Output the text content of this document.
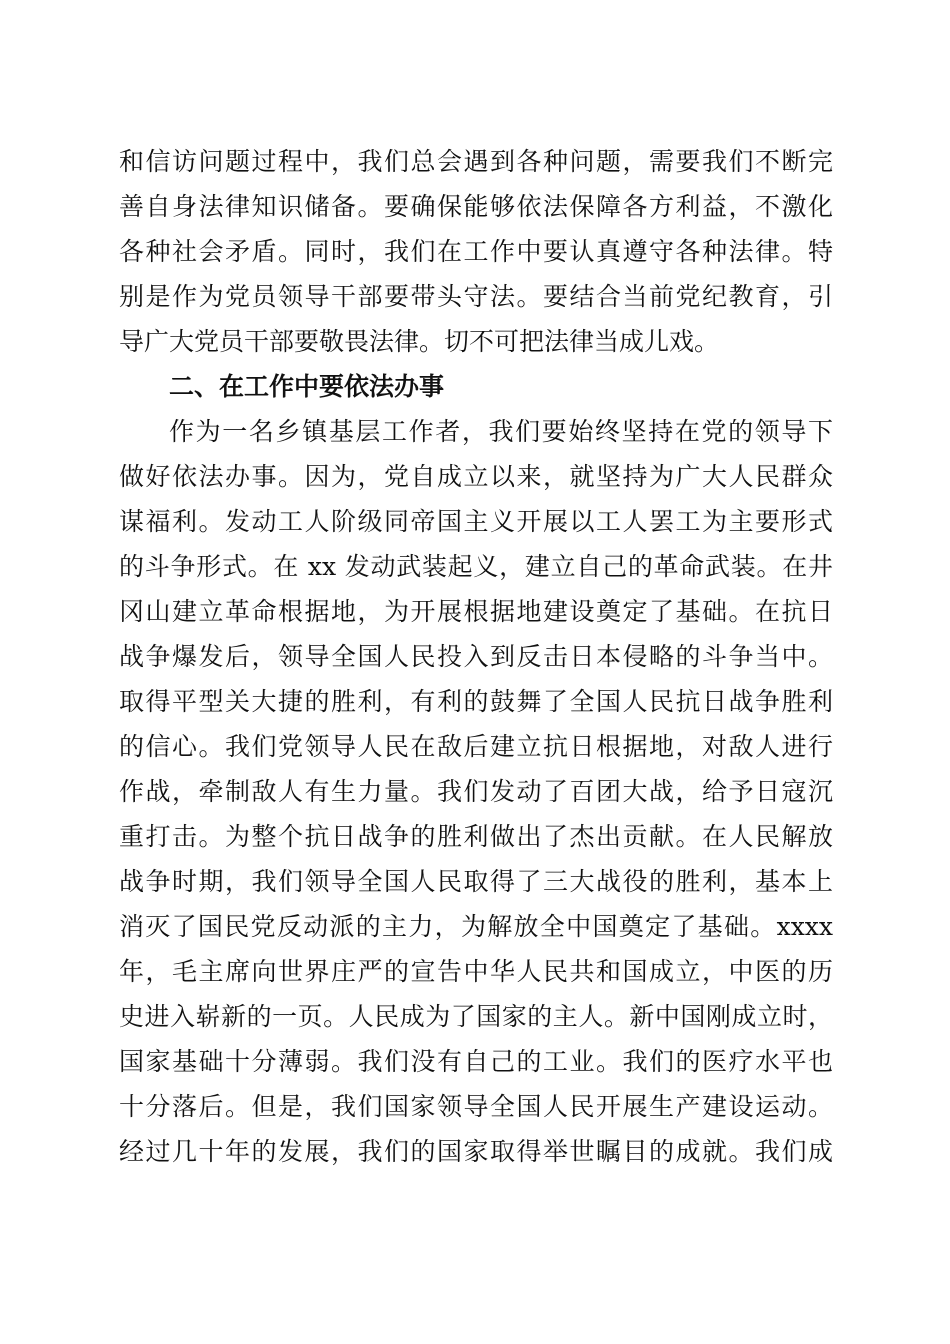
和信访问题过程中，我们总会遇到各种问题，需要我们不断完
善自身法律知识储备。要确保能够依法保障各方利益，不激化
各种社会矛盾。同时，我们在工作中要认真遵守各种法律。特
别是作为党员领导干部要带头守法。要结合当前党纪教育，引
导广大党员干部要敬畏法律。切不可把法律当成儿戏。
二、在工作中要依法办事
作为一名乡镇基层工作者，我们要始终坚持在党的领导下
做好依法办事。因为，党自成立以来，就坚持为广大人民群众
谋福利。发动工人阶级同帝国主义开展以工人罢工为主要形式
的斗争形式。在 xx 发动武装起义，建立自己的革命武装。在井
冈山建立革命根据地，为开展根据地建设奠定了基础。在抗日
战争爆发后，领导全国人民投入到反击日本侵略的斗争当中。
取得平型关大捷的胜利，有利的鼓舞了全国人民抗日战争胜利
的信心。我们党领导人民在敌后建立抗日根据地，对敌人进行
作战，牵制敌人有生力量。我们发动了百团大战，给予日寇沉
重打击。为整个抗日战争的胜利做出了杰出贡献。在人民解放
战争时期，我们领导全国人民取得了三大战役的胜利，基本上
消灭了国民党反动派的主力，为解放全中国奠定了基础。xxxx
年，毛主席向世界庄严的宣告中华人民共和国成立，中医的历
史进入崭新的一页。人民成为了国家的主人。新中国刚成立时，
国家基础十分薄弱。我们没有自己的工业。我们的医疗水平也
十分落后。但是，我们国家领导全国人民开展生产建设运动。
经过几十年的发展，我们的国家取得举世瞩目的成就。我们成
